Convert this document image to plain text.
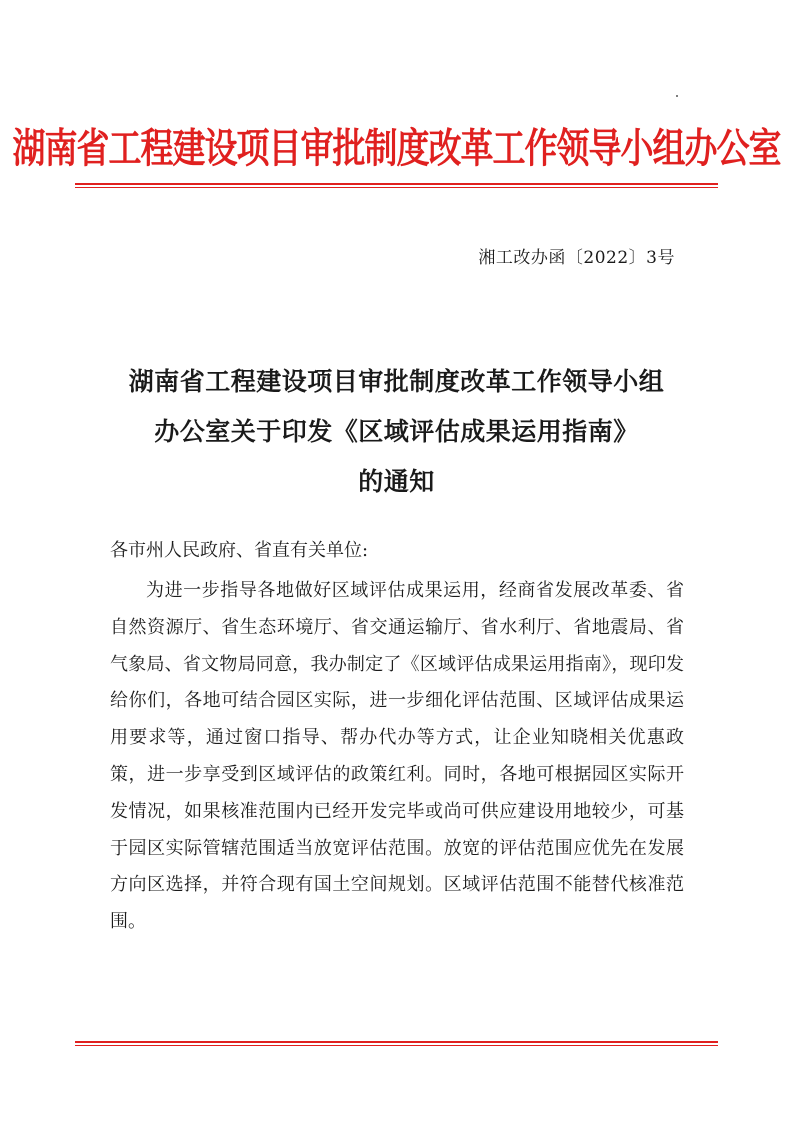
湖南省工程建设项目审批制度改革工作领导小组办公室
湘工改办函〔2022〕3号
湖南省工程建设项目审批制度改革工作领导小组
办公室关于印发《区域评估成果运用指南》
的通知
各市州人民政府、省直有关单位:
为进一步指导各地做好区域评估成果运用，经商省发展改革委、省自然资源厅、省生态环境厅、省交通运输厅、省水利厅、省地震局、省气象局、省文物局同意，我办制定了《区域评估成果运用指南》，现印发给你们，各地可结合园区实际，进一步细化评估范围、区域评估成果运用要求等，通过窗口指导、帮办代办等方式，让企业知晓相关优惠政策，进一步享受到区域评估的政策红利。同时，各地可根据园区实际开发情况，如果核准范围内已经开发完毕或尚可供应建设用地较少，可基于园区实际管辖范围适当放宽评估范围。放宽的评估范围应优先在发展方向区选择，并符合现有国土空间规划。区域评估范围不能替代核准范围。
